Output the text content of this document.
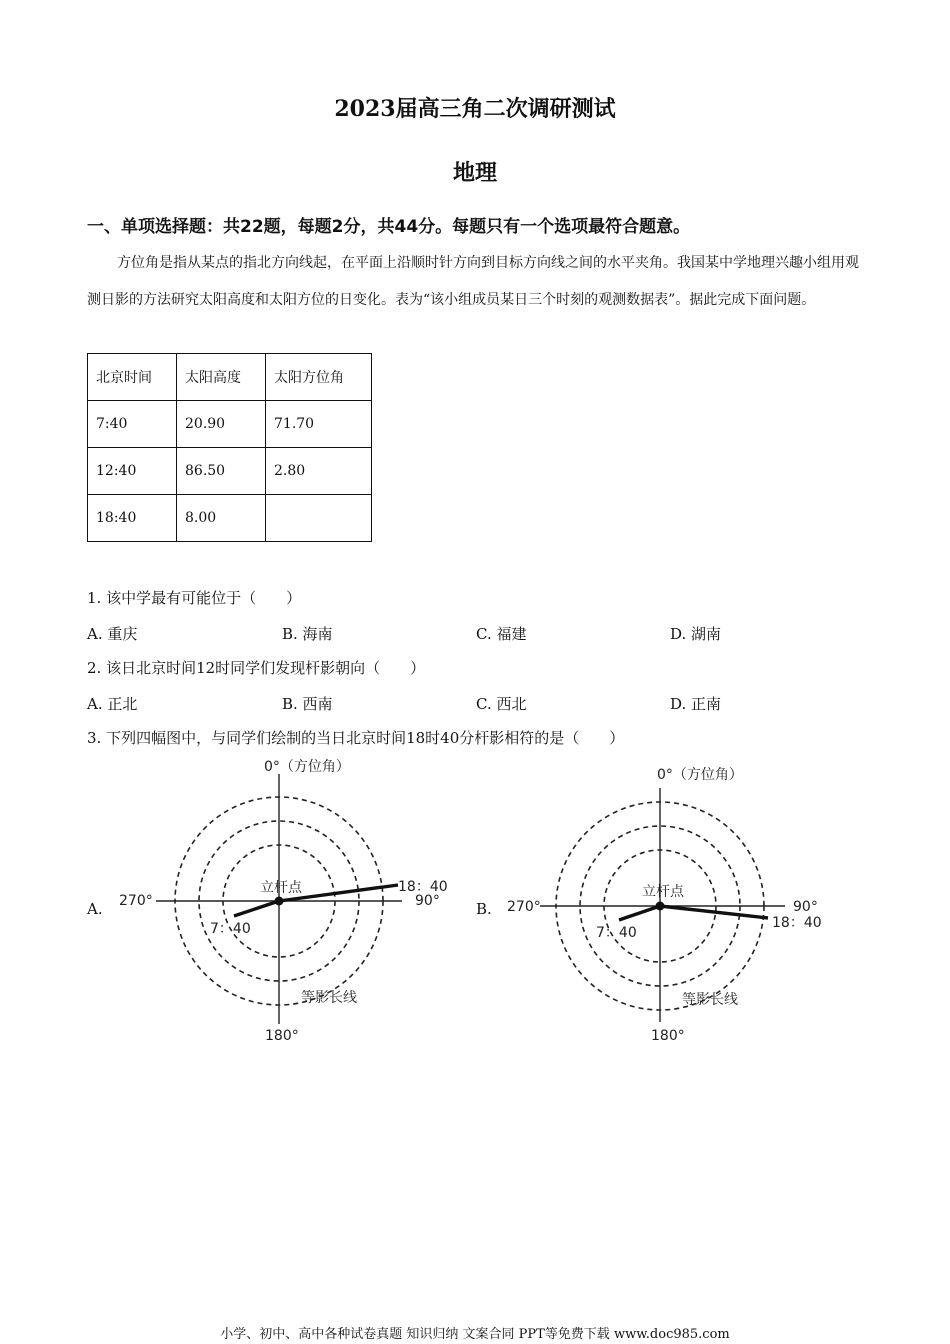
2023届高三角二次调研测试
地理
一、单项选择题：共22题，每题2分，共44分。每题只有一个选项最符合题意。
方位角是指从某点的指北方向线起，在平面上沿顺时针方向到目标方向线之间的水平夹角。我国某中学地理兴趣小组用观测日影的方法研究太阳高度和太阳方位的日变化。表为“该小组成员某日三个时刻的观测数据表”。据此完成下面问题。
北京时间	太阳高度	太阳方位角
7:40	20.90	71.70
12:40	86.50	2.80
18:40	8.00	
1. 该中学最有可能位于（　　）
A. 重庆	B. 海南	C. 福建	D. 湖南
2. 该日北京时间12时同学们发现杆影朝向（　　）
A. 正北	B. 西南	C. 西北	D. 正南
3. 下列四幅图中，与同学们绘制的当日北京时间18时40分杆影相符的是（　　）
A.
0°（方位角）
270°	90°
180°
立杆点
7：40
18：40
等影长线
B.
0°（方位角）
270°	90°
180°
立杆点
7：40
18：40
等影长线
小学、初中、高中各种试卷真题 知识归纳 文案合同 PPT等免费下载 www.doc985.com
